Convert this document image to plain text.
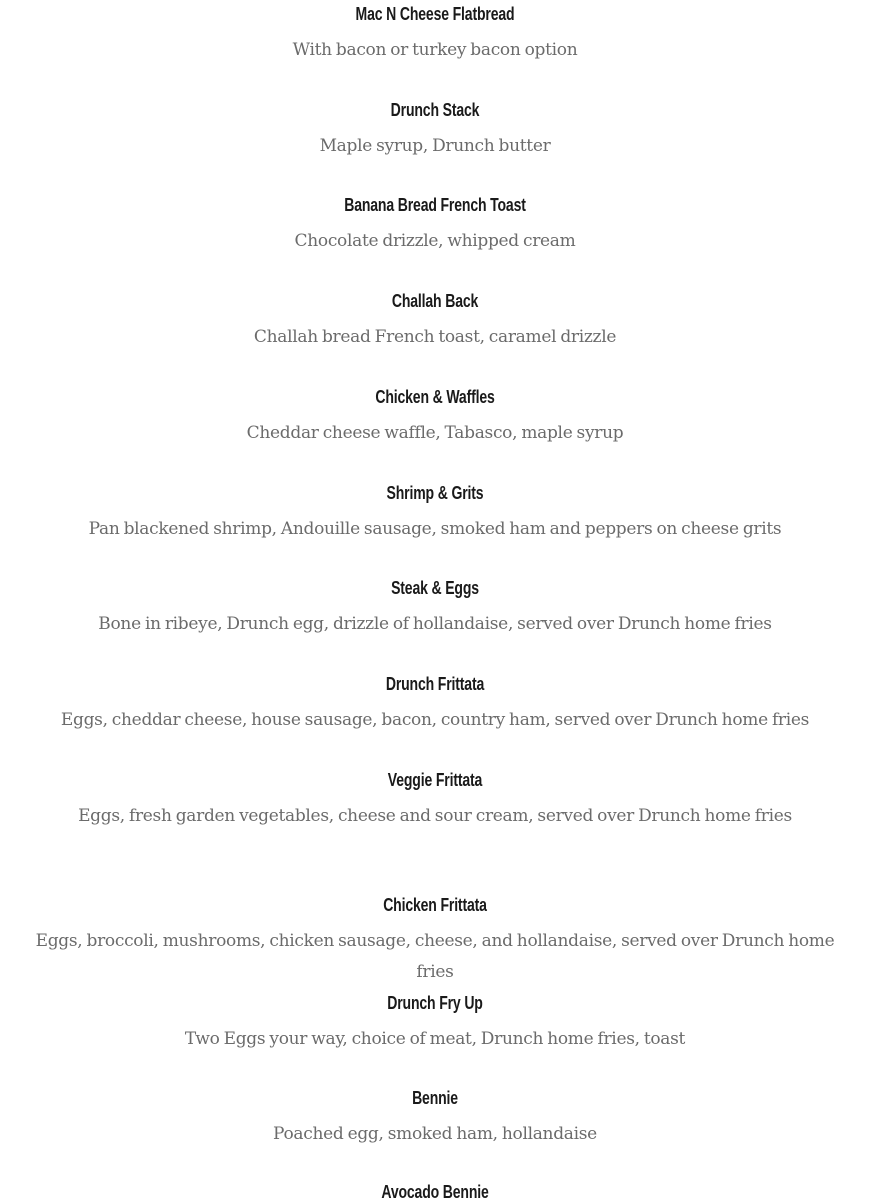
Mac N Cheese Flatbread
With bacon or turkey bacon option
Drunch Stack
Maple syrup, Drunch butter
Banana Bread French Toast
Chocolate drizzle, whipped cream
Challah Back
Challah bread French toast, caramel drizzle
Chicken & Waffles
Cheddar cheese waffle, Tabasco, maple syrup
Shrimp & Grits
Pan blackened shrimp, Andouille sausage, smoked ham and peppers on cheese grits
Steak & Eggs
Bone in ribeye, Drunch egg, drizzle of hollandaise, served over Drunch home fries
Drunch Frittata
Eggs, cheddar cheese, house sausage, bacon, country ham, served over Drunch home fries
Veggie Frittata
Eggs, fresh garden vegetables, cheese and sour cream, served over Drunch home fries
Chicken Frittata
Eggs, broccoli, mushrooms, chicken sausage, cheese, and hollandaise, served over Drunch home fries
Drunch Fry Up
Two Eggs your way, choice of meat, Drunch home fries, toast
Bennie
Poached egg, smoked ham, hollandaise
Avocado Bennie
